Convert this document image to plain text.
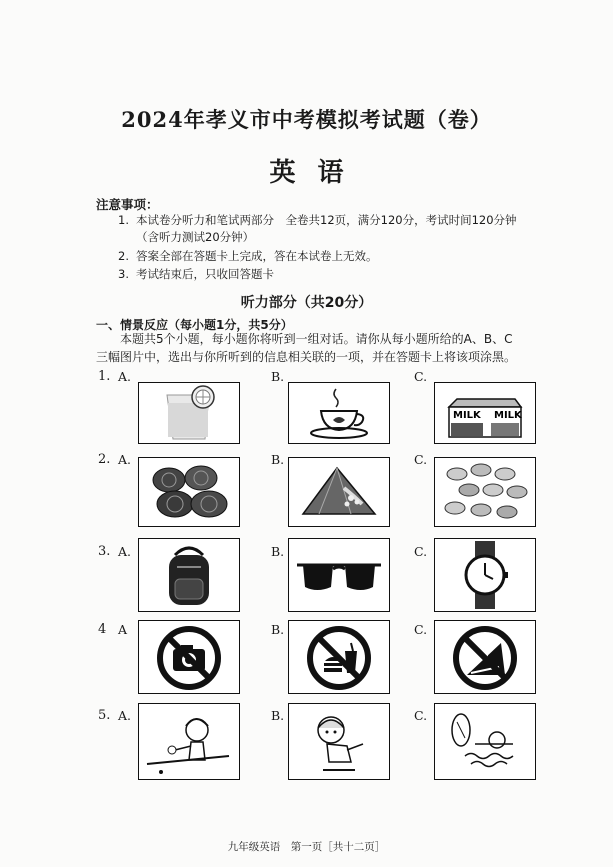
2024年孝义市中考模拟考试题（卷）
英语
注意事项：
1. 本试卷分听力和笔试两部分　全卷共12页，满分120分，考试时间120分钟
（含听力测试20分钟）
2. 答案全部在答题卡上完成，答在本试卷上无效。
3. 考试结束后，只收回答题卡
听力部分（共20分）
一、情景反应（每小题1分，共5分）
本题共5个小题，每小题你将听到一组对话。请你从每小题所给的A、B、C三幅图片中，选出与你所听到的信息相关联的一项，并在答题卡上将该项涂黑。
1. A.	B.	C.
MILK MILK
2. A.	B.	C.
3. A.	B.	C.
4 A	B.	C.
5. A.	B.	C.
九年级英语　第一页［共十二页］
